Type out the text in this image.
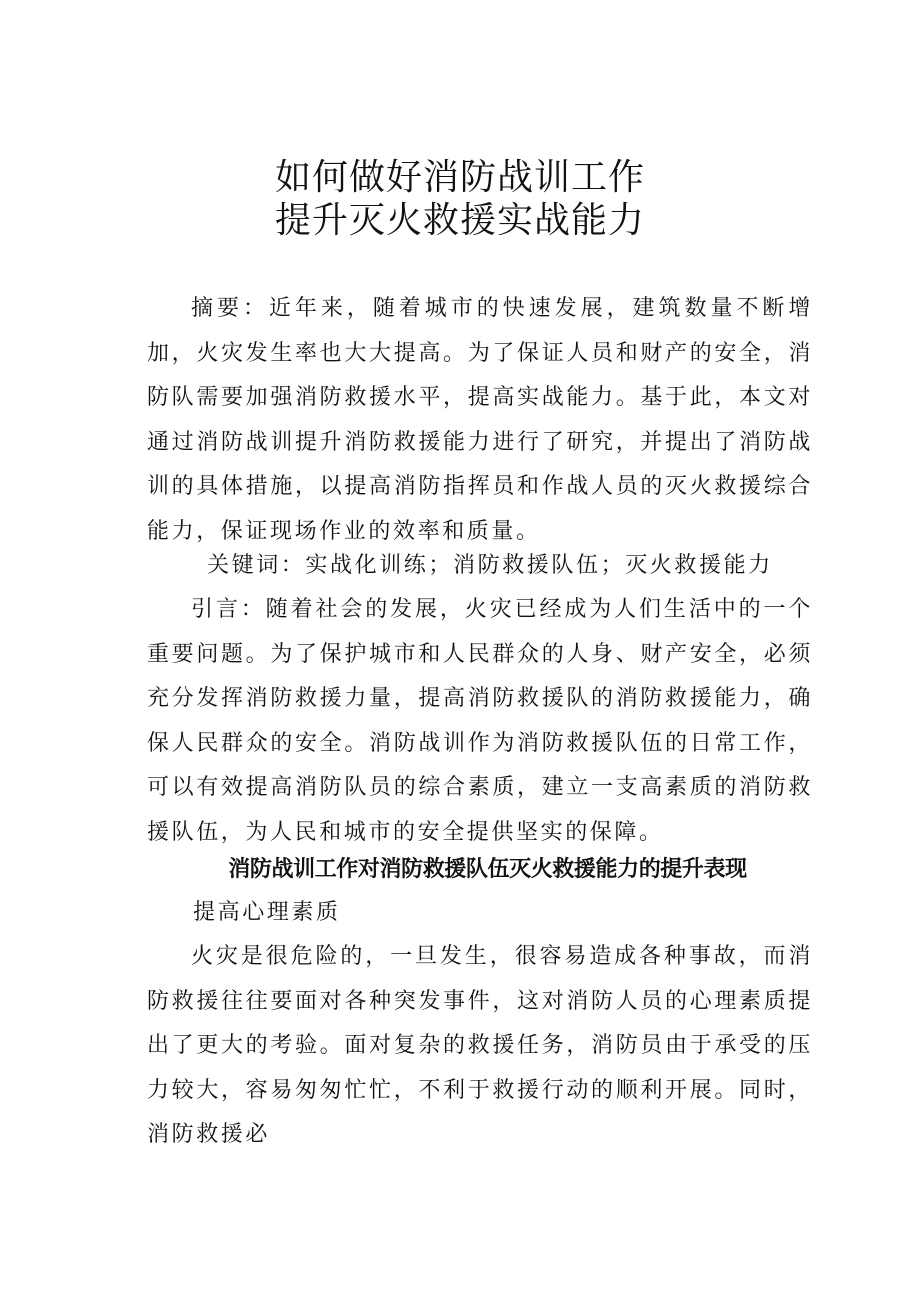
如何做好消防战训工作
提升灭火救援实战能力

摘要：近年来，随着城市的快速发展，建筑数量不断增加，火灾发生率也大大提高。为了保证人员和财产的安全，消防队需要加强消防救援水平，提高实战能力。基于此，本文对通过消防战训提升消防救援能力进行了研究，并提出了消防战训的具体措施，以提高消防指挥员和作战人员的灭火救援综合能力，保证现场作业的效率和质量。

关键词：实战化训练；消防救援队伍；灭火救援能力

引言：随着社会的发展，火灾已经成为人们生活中的一个重要问题。为了保护城市和人民群众的人身、财产安全，必须充分发挥消防救援力量，提高消防救援队的消防救援能力，确保人民群众的安全。消防战训作为消防救援队伍的日常工作，可以有效提高消防队员的综合素质，建立一支高素质的消防救援队伍，为人民和城市的安全提供坚实的保障。

消防战训工作对消防救援队伍灭火救援能力的提升表现
提高心理素质

火灾是很危险的，一旦发生，很容易造成各种事故，而消防救援往往要面对各种突发事件，这对消防人员的心理素质提出了更大的考验。面对复杂的救援任务，消防员由于承受的压力较大，容易匆匆忙忙，不利于救援行动的顺利开展。同时，消防救援必
